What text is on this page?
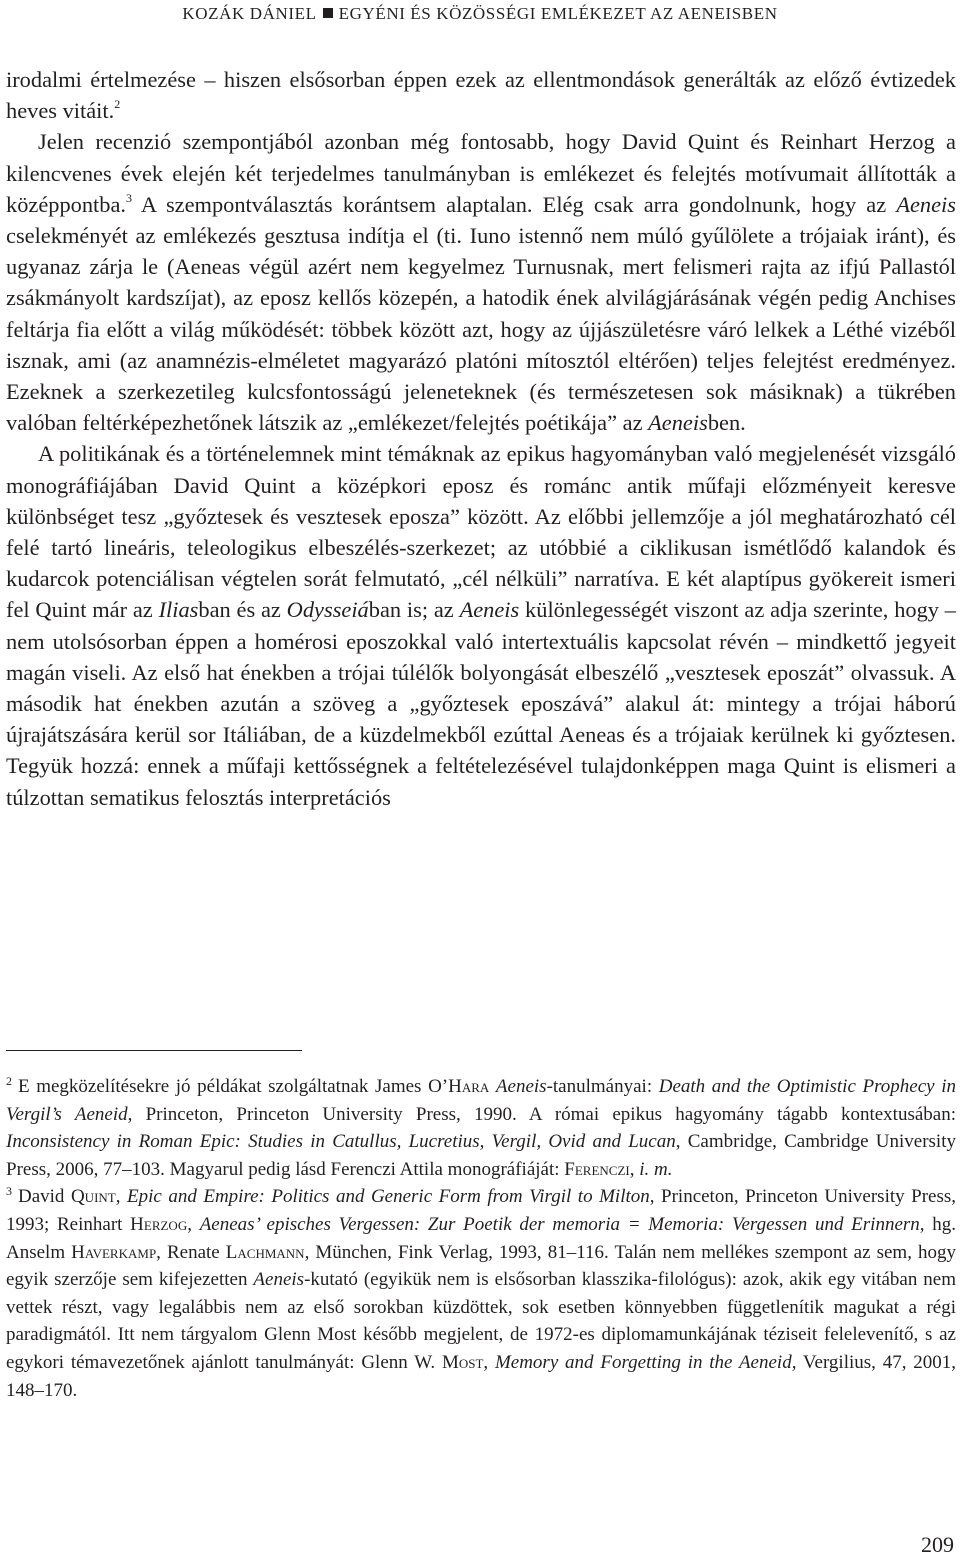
KOZÁK DÁNIEL EGYÉNI ÉS KÖZÖSSÉGI EMLÉKEZET AZ AENEISBEN

irodalmi értelmezése – hiszen elsősorban éppen ezek az ellentmondások generálták az előző évtizedek heves vitáit.$^2$

Jelen recenzió szempontjából azonban még fontosabb, hogy David Quint és Reinhart Herzog a kilencvenes évek elején két terjedelmes tanulmányban is emlékezet és felejtés motívumait állították a középpontba.$^3$ A szempontválasztás korántsem alaptalan. Elég csak arra gondolnunk, hogy az Aeneis cselekményét az emlékezés gesztusa indítja el (ti. Iuno istennő nem múló gyűlölete a trójaiak iránt), és ugyanaz zárja le (Aeneas végül azért nem kegyelmez Turnusnak, mert felismeri rajta az ifjú Pallastól zsákmányolt kardszíjat), az eposz kellős közepén, a hatodik ének alvilágjárásának végén pedig Anchises feltárja fia előtt a világ működését: többek között azt, hogy az újjászületésre váró lelkek a Léthé vizéből isznak, ami (az anamnézis-elméletet magyarázó platóni mítosztól eltérően) teljes felejtést eredményez. Ezeknek a szerkezetileg kulcsfontosságú jeleneteknek (és természetesen sok másiknak) a tükrében valóban feltérképezhetőnek látszik az „emlékezet/felejtés poétikája” az Aeneisben.

A politikának és a történelemnek mint témáknak az epikus hagyományban való megjelenését vizsgáló monográfiájában David Quint a középkori eposz és románc antik műfaji előzményeit keresve különbséget tesz „győztesek és vesztesek eposza” között. Az előbbi jellemzője a jól meghatározható cél felé tartó lineáris, teleologikus elbeszélés-szerkezet; az utóbbié a ciklikusan ismétlődő kalandok és kudarcok potenciálisan végtelen sorát felmutató, „cél nélküli” narratíva. E két alaptípus gyökereit ismeri fel Quint már az Iliasban és az Odysseiában is; az Aeneis különlegességét viszont az adja szerinte, hogy – nem utolsósorban éppen a homérosi eposzokkal való intertextuális kapcsolat révén – mindkettő jegyeit magán viseli. Az első hat énekben a trójai túlélők bolyongását elbeszélő „vesztesek eposzát” olvassuk. A második hat énekben azután a szöveg a „győztesek eposzává” alakul át: mintegy a trójai háború újrajátszására kerül sor Itáliában, de a küzdelmekből ezúttal Aeneas és a trójaiak kerülnek ki győztesen. Tegyük hozzá: ennek a műfaji kettősségnek a feltételezésével tulajdonképpen maga Quint is elismeri a túlzottan sematikus felosztás interpretációs

$^2$ E megközelítésekre jó példákat szolgáltatnak James O’Hara Aeneis-tanulmányai: Death and the Optimistic Prophecy in Vergil’s Aeneid, Princeton, Princeton University Press, 1990. A római epikus hagyomány tágabb kontextusában: Inconsistency in Roman Epic: Studies in Catullus, Lucretius, Vergil, Ovid and Lucan, Cambridge, Cambridge University Press, 2006, 77–103. Magyarul pedig lásd Ferenczi Attila monográfiáját: Ferenczi, i. m.

$^3$ David Quint, Epic and Empire: Politics and Generic Form from Virgil to Milton, Princeton, Princeton University Press, 1993; Reinhart Herzog, Aeneas’ episches Vergessen: Zur Poetik der memoria = Memoria: Vergessen und Erinnern, hg. Anselm Haverkamp, Renate Lachmann, München, Fink Verlag, 1993, 81–116. Talán nem mellékes szempont az sem, hogy egyik szerzője sem kifejezetten Aeneis-kutató (egyikük nem is elsősorban klasszika-filológus): azok, akik egy vitában nem vettek részt, vagy legalábbis nem az első sorokban küzdöttek, sok esetben könnyebben függetlenítik magukat a régi paradigmától. Itt nem tárgyalom Glenn Most később megjelent, de 1972-es diplomamunkájának téziseit felelevenítő, s az egykori témavezetőnek ajánlott tanulmányát: Glenn W. Most, Memory and Forgetting in the Aeneid, Vergilius, 47, 2001, 148–170.

209
